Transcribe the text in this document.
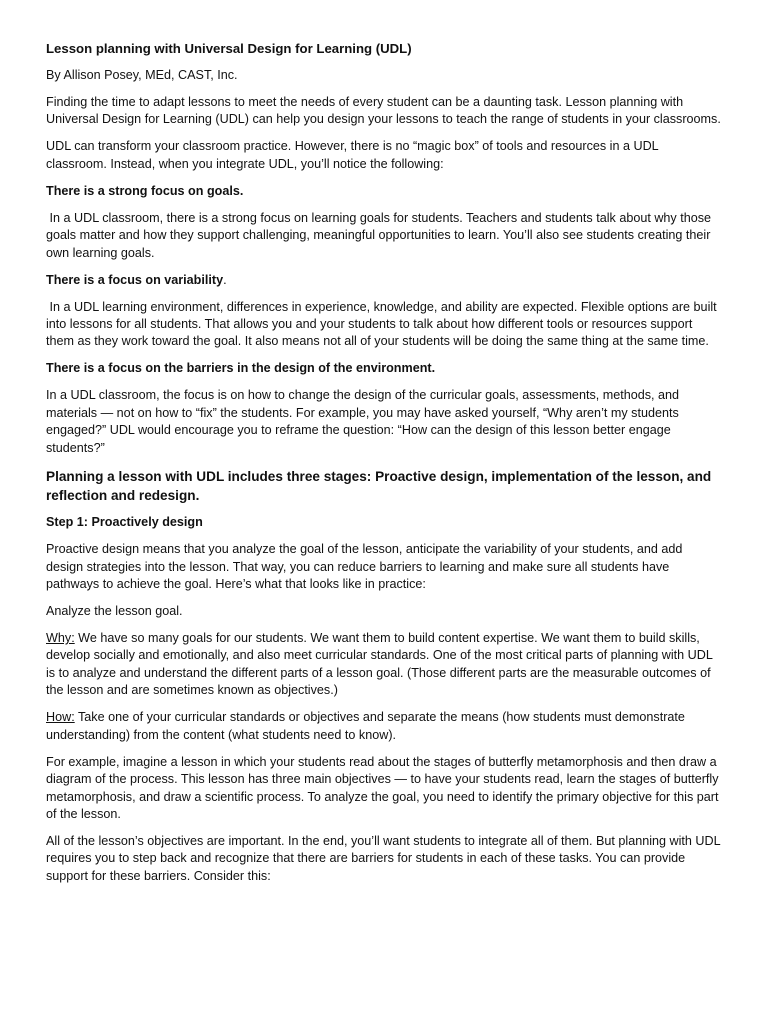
Lesson planning with Universal Design for Learning (UDL)

By Allison Posey, MEd, CAST, Inc.

Finding the time to adapt lessons to meet the needs of every student can be a daunting task. Lesson planning with Universal Design for Learning (UDL) can help you design your lessons to teach the range of students in your classrooms.

UDL can transform your classroom practice. However, there is no “magic box” of tools and resources in a UDL classroom. Instead, when you integrate UDL, you’ll notice the following:

There is a strong focus on goals.

In a UDL classroom, there is a strong focus on learning goals for students. Teachers and students talk about why those goals matter and how they support challenging, meaningful opportunities to learn. You’ll also see students creating their own learning goals.

There is a focus on variability.

In a UDL learning environment, differences in experience, knowledge, and ability are expected. Flexible options are built into lessons for all students. That allows you and your students to talk about how different tools or resources support them as they work toward the goal. It also means not all of your students will be doing the same thing at the same time.

There is a focus on the barriers in the design of the environment.

In a UDL classroom, the focus is on how to change the design of the curricular goals, assessments, methods, and materials — not on how to “fix” the students. For example, you may have asked yourself, “Why aren’t my students engaged?” UDL would encourage you to reframe the question: “How can the design of this lesson better engage students?”

Planning a lesson with UDL includes three stages: Proactive design, implementation of the lesson, and reflection and redesign.

Step 1: Proactively design

Proactive design means that you analyze the goal of the lesson, anticipate the variability of your students, and add design strategies into the lesson. That way, you can reduce barriers to learning and make sure all students have pathways to achieve the goal. Here’s what that looks like in practice:

Analyze the lesson goal.

Why: We have so many goals for our students. We want them to build content expertise. We want them to build skills, develop socially and emotionally, and also meet curricular standards. One of the most critical parts of planning with UDL is to analyze and understand the different parts of a lesson goal. (Those different parts are the measurable outcomes of the lesson and are sometimes known as objectives.)

How: Take one of your curricular standards or objectives and separate the means (how students must demonstrate understanding) from the content (what students need to know).

For example, imagine a lesson in which your students read about the stages of butterfly metamorphosis and then draw a diagram of the process. This lesson has three main objectives — to have your students read, learn the stages of butterfly metamorphosis, and draw a scientific process. To analyze the goal, you need to identify the primary objective for this part of the lesson.

All of the lesson’s objectives are important. In the end, you’ll want students to integrate all of them. But planning with UDL requires you to step back and recognize that there are barriers for students in each of these tasks. You can provide support for these barriers. Consider this:
